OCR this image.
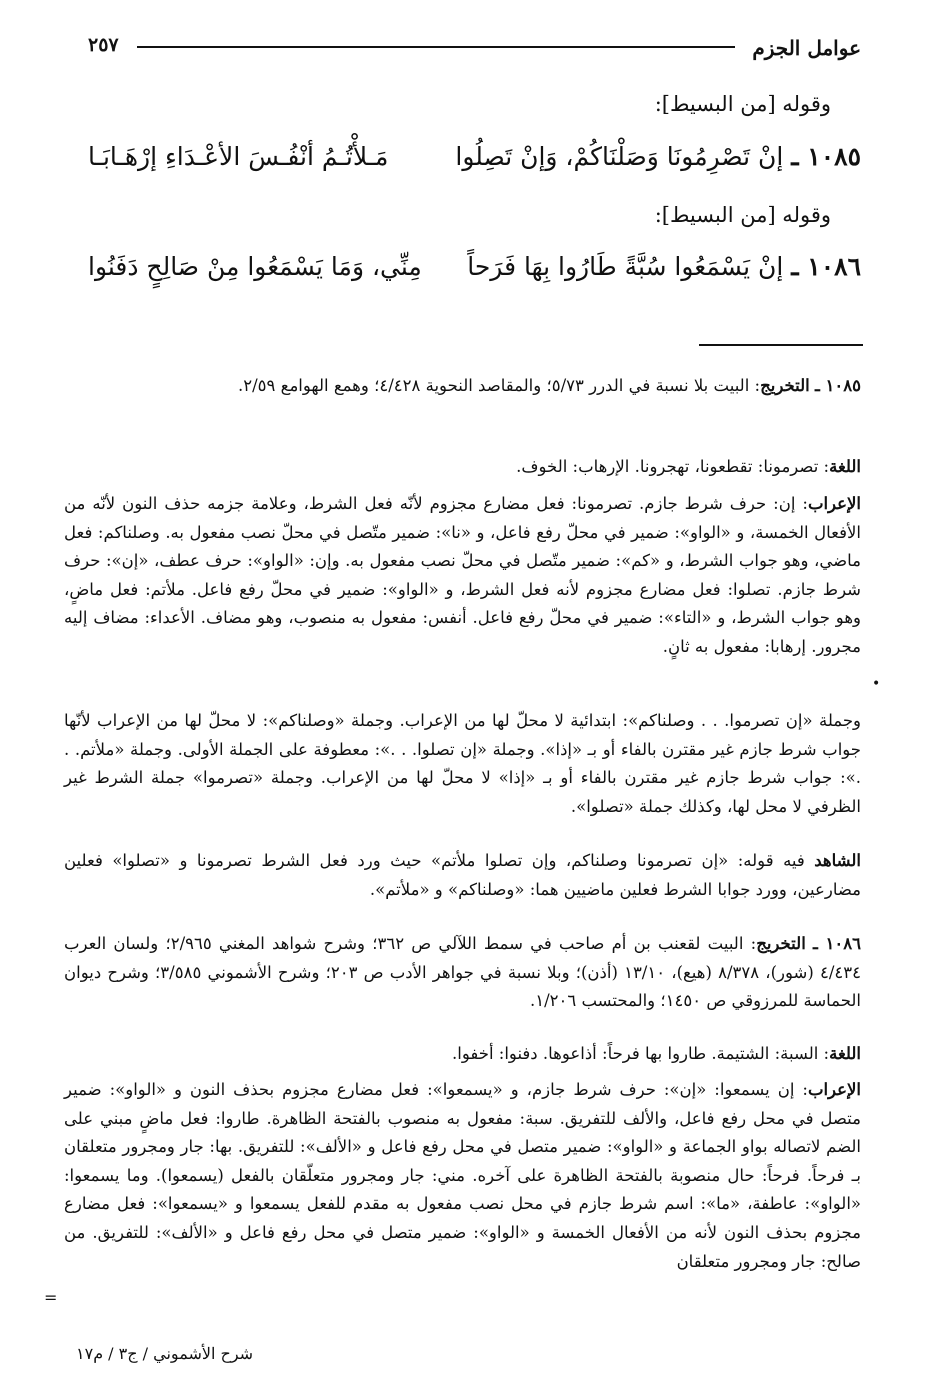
عوامل الجزم
٢٥٧
وقوله [من البسيط]:
١٠٨٥ ـ إنْ تَصْرِمُونَا وَصَلْنَاكُمْ، وَإنْ تَصِلُوا
مَـلأْتُـمُ أنْفُـسَ الأعْـدَاءِ إرْهَـابَـا
وقوله [من البسيط]:
١٠٨٦ ـ إنْ يَسْمَعُوا سُبَّةً طَارُوا بِهَا فَرَحاً
مِنِّي، وَمَا يَسْمَعُوا مِنْ صَالِحٍ دَفَنُوا
١٠٨٥ ـ التخريج: البيت بلا نسبة في الدرر ٥/٧٣؛ والمقاصد النحوية ٤/٤٢٨؛ وهمع الهوامع ٢/٥٩.
اللغة: تصرمونا: تقطعونا، تهجرونا. الإرهاب: الخوف.
الإعراب: إن: حرف شرط جازم. تصرمونا: فعل مضارع مجزوم لأنّه فعل الشرط، وعلامة جزمه حذف النون لأنّه من الأفعال الخمسة، و «الواو»: ضمير في محلّ رفع فاعل، و «نا»: ضمير متّصل في محلّ نصب مفعول به. وصلناكم: فعل ماضي، وهو جواب الشرط، و «كم»: ضمير متّصل في محلّ نصب مفعول به. وإن: «الواو»: حرف عطف، «إن»: حرف شرط جازم. تصلوا: فعل مضارع مجزوم لأنه فعل الشرط، و «الواو»: ضمير في محلّ رفع فاعل. ملأتم: فعل ماضٍ، وهو جواب الشرط، و «التاء»: ضمير في محلّ رفع فاعل. أنفس: مفعول به منصوب، وهو مضاف. الأعداء: مضاف إليه مجرور. إرهابا: مفعول به ثانٍ.
وجملة «إن تصرموا. . . وصلناكم»: ابتدائية لا محلّ لها من الإعراب. وجملة «وصلناكم»: لا محلّ لها من الإعراب لأنّها جواب شرط جازم غير مقترن بالفاء أو بـ «إذا». وجملة «إن تصلوا. . .»: معطوفة على الجملة الأولى. وجملة «ملأتم. . .»: جواب شرط جازم غير مقترن بالفاء أو بـ «إذا» لا محلّ لها من الإعراب. وجملة «تصرموا» جملة الشرط غير الظرفي لا محل لها، وكذلك جملة «تصلوا».
الشاهد فيه قوله: «إن تصرمونا وصلناكم، وإن تصلوا ملأتم» حيث ورد فعل الشرط تصرمونا و «تصلوا» فعلين مضارعين، وورد جوابا الشرط فعلين ماضيين هما: «وصلناكم» و «ملأتم».
١٠٨٦ ـ التخريج: البيت لقعنب بن أم صاحب في سمط اللآلي ص ٣٦٢؛ وشرح شواهد المغني ٢/٩٦٥؛ ولسان العرب ٤/٤٣٤ (شور)، ٨/٣٧٨ (هيع)، ١٣/١٠ (أذن)؛ وبلا نسبة في جواهر الأدب ص ٢٠٣؛ وشرح الأشموني ٣/٥٨٥؛ وشرح ديوان الحماسة للمرزوقي ص ١٤٥٠؛ والمحتسب ١/٢٠٦.
اللغة: السبة: الشتيمة. طاروا بها فرحاً: أذاعوها. دفنوا: أخفوا.
الإعراب: إن يسمعوا: «إن»: حرف شرط جازم، و «يسمعوا»: فعل مضارع مجزوم بحذف النون و «الواو»: ضمير متصل في محل رفع فاعل، والألف للتفريق. سبة: مفعول به منصوب بالفتحة الظاهرة. طاروا: فعل ماضٍ مبني على الضم لاتصاله بواو الجماعة و «الواو»: ضمير متصل في محل رفع فاعل و «الألف»: للتفريق. بها: جار ومجرور متعلقان بـ فرحاً. فرحاً: حال منصوبة بالفتحة الظاهرة على آخره. مني: جار ومجرور متعلّقان بالفعل (يسمعوا). وما يسمعوا: «الواو»: عاطفة، «ما»: اسم شرط جازم في محل نصب مفعول به مقدم للفعل يسمعوا و «يسمعوا»: فعل مضارع مجزوم بحذف النون لأنه من الأفعال الخمسة و «الواو»: ضمير متصل في محل رفع فاعل و «الألف»: للتفريق. من صالح: جار ومجرور متعلقان
•
=
شرح الأشموني / ج٣ / م١٧
